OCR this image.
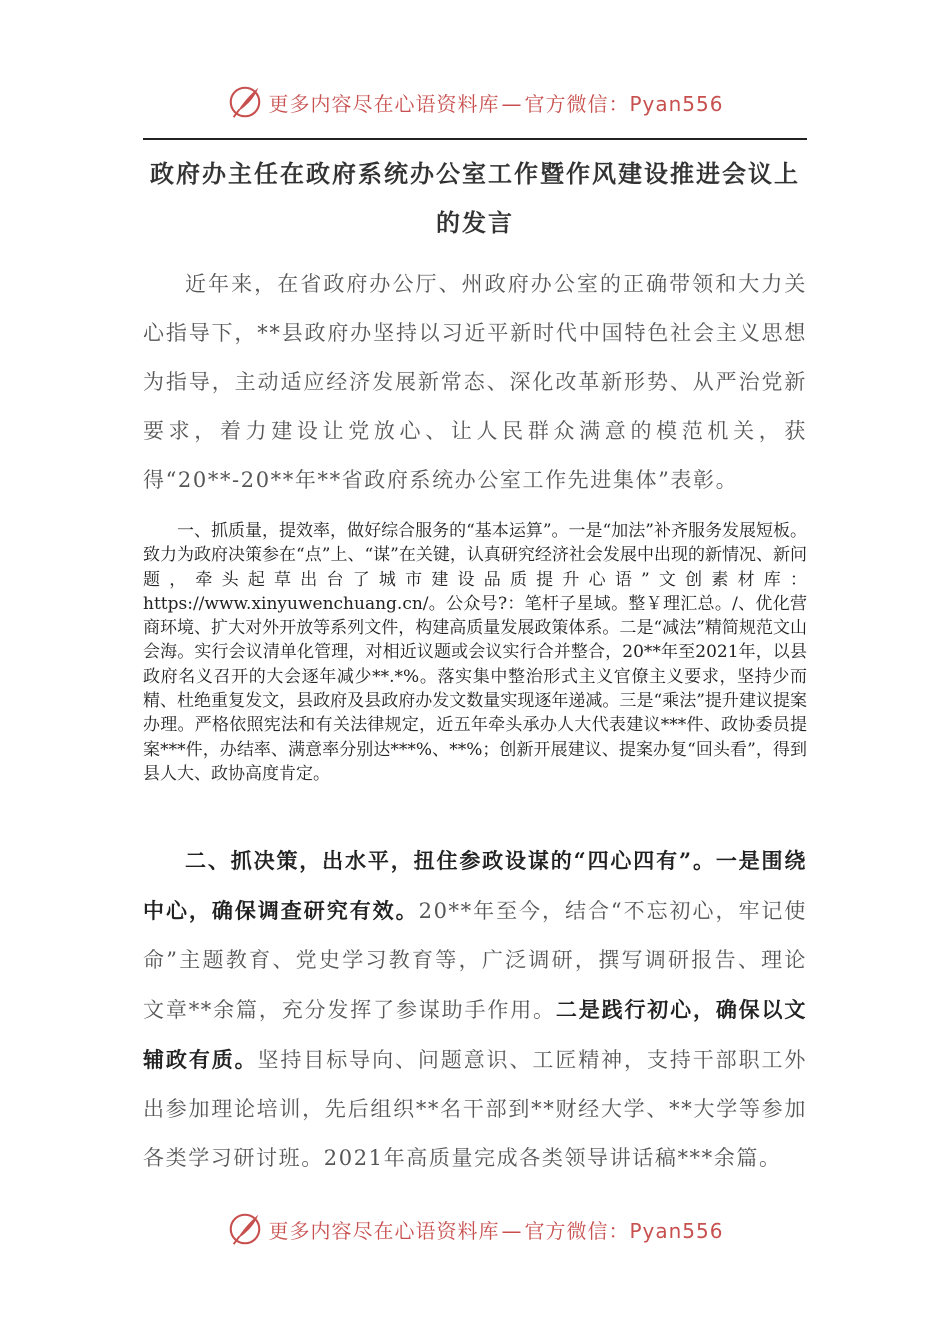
更多内容尽在心语资料库 — 官方微信：Pyan556
政府办主任在政府系统办公室工作暨作风建设推进会议上
的发言

近年来，在省政府办公厅、州政府办公室的正确带领和大力关心指导下，**县政府办坚持以习近平新时代中国特色社会主义思想为指导，主动适应经济发展新常态、深化改革新形势、从严治党新要求，着力建设让党放心、让人民群众满意的模范机关，获得“20**-20**年**省政府系统办公室工作先进集体”表彰。

一、抓质量，提效率，做好综合服务的“基本运算”。一是“加法”补齐服务发展短板。致力为政府决策参在“点”上、“谋”在关键，认真研究经济社会发展中出现的新情况、新问题，牵头起草出台了城市建设品质提升心语”文创素材库：https://www.xinyuwenchuang.cn/。公众号?：笔杆子星域。整￥理汇总。/、优化营商环境、扩大对外开放等系列文件，构建高质量发展政策体系。二是“减法”精简规范文山会海。实行会议清单化管理，对相近议题或会议实行合并整合，20**年至2021年，以县政府名义召开的大会逐年减少**.*%。落实集中整治形式主义官僚主义要求，坚持少而精、杜绝重复发文，县政府及县政府办发文数量实现逐年递减。三是“乘法”提升建议提案办理。严格依照宪法和有关法律规定，近五年牵头承办人大代表建议***件、政协委员提案***件，办结率、满意率分别达***%、**%；创新开展建议、提案办复“回头看”，得到县人大、政协高度肯定。

二、抓决策，出水平，扭住参政设谋的“四心四有”。一是围绕中心，确保调查研究有效。20**年至今，结合“不忘初心，牢记使命”主题教育、党史学习教育等，广泛调研，撰写调研报告、理论文章**余篇，充分发挥了参谋助手作用。二是践行初心，确保以文辅政有质。坚持目标导向、问题意识、工匠精神，支持干部职工外出参加理论培训，先后组织**名干部到**财经大学、**大学等参加各类学习研讨班。2021年高质量完成各类领导讲话稿***余篇。

更多内容尽在心语资料库 — 官方微信：Pyan556
